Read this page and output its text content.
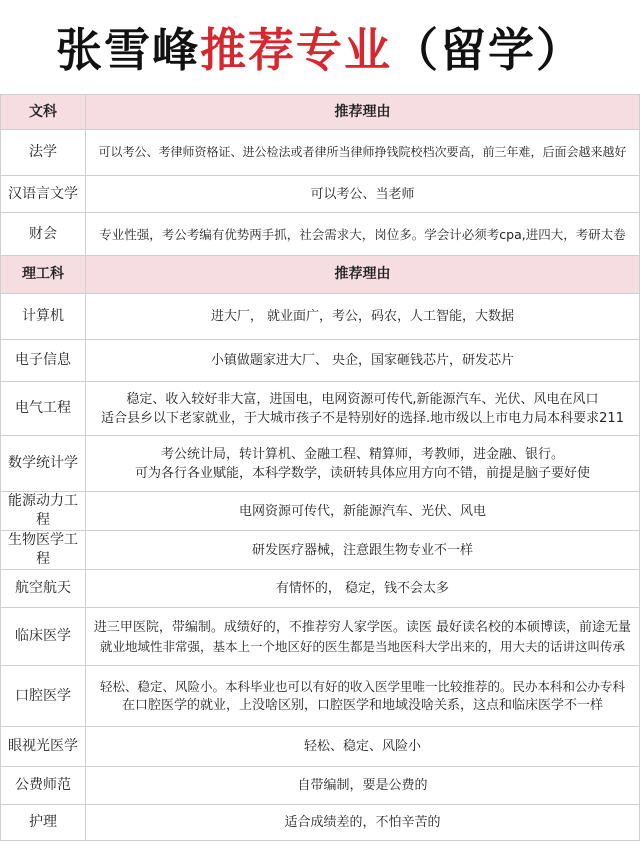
张雪峰 推荐专业 （留学）
文科	推荐理由
法学	可以考公、考律师资格证、进公检法或者律所当律师挣钱院校档次要高，前三年难，后面会越来越好

汉语言文学	可以考公、当老师

财会	专业性强，考公考编有优势两手抓，社会需求大，岗位多。学会计必须考cpa,进四大，考研太卷

理工科	推荐理由
计算机	进大厂， 就业面广，考公，码农，人工智能，大数据

电子信息	小镇做题家进大厂、 央企，国家砸钱芯片，研发芯片

电气工程	稳定、收入较好非大富，进国电，电网资源可传代,新能源汽车、光伏、风电在风口
适合县乡以下老家就业，于大城市孩子不是特别好的选择.地市级以上市电力局本科要求211

数学统计学	考公统计局，转计算机、金融工程、精算师，考教师，进金融、银行。
可为各行各业赋能，本科学数学，读研转具体应用方向不错，前提是脑子要好使

能源动力工程	电网资源可传代，新能源汽车、光伏、风电

生物医学工程	研发医疗器械，注意跟生物专业不一样

航空航天	有情怀的， 稳定，钱不会太多

临床医学	进三甲医院，带编制。成绩好的，不推荐穷人家学医。读医 最好读名校的本硕博读，前途无量
就业地域性非常强，基本上一个地区好的医生都是当地医科大学出来的，用大夫的话讲这叫传承

口腔医学	轻松、稳定、风险小。本科毕业也可以有好的收入医学里唯一比较推荐的。民办本科和公办专科
在口腔医学的就业，上没啥区别，口腔医学和地域没啥关系，这点和临床医学不一样

眼视光医学	轻松、稳定、风险小

公费师范	自带编制，要是公费的

护理	适合成绩差的，不怕辛苦的
